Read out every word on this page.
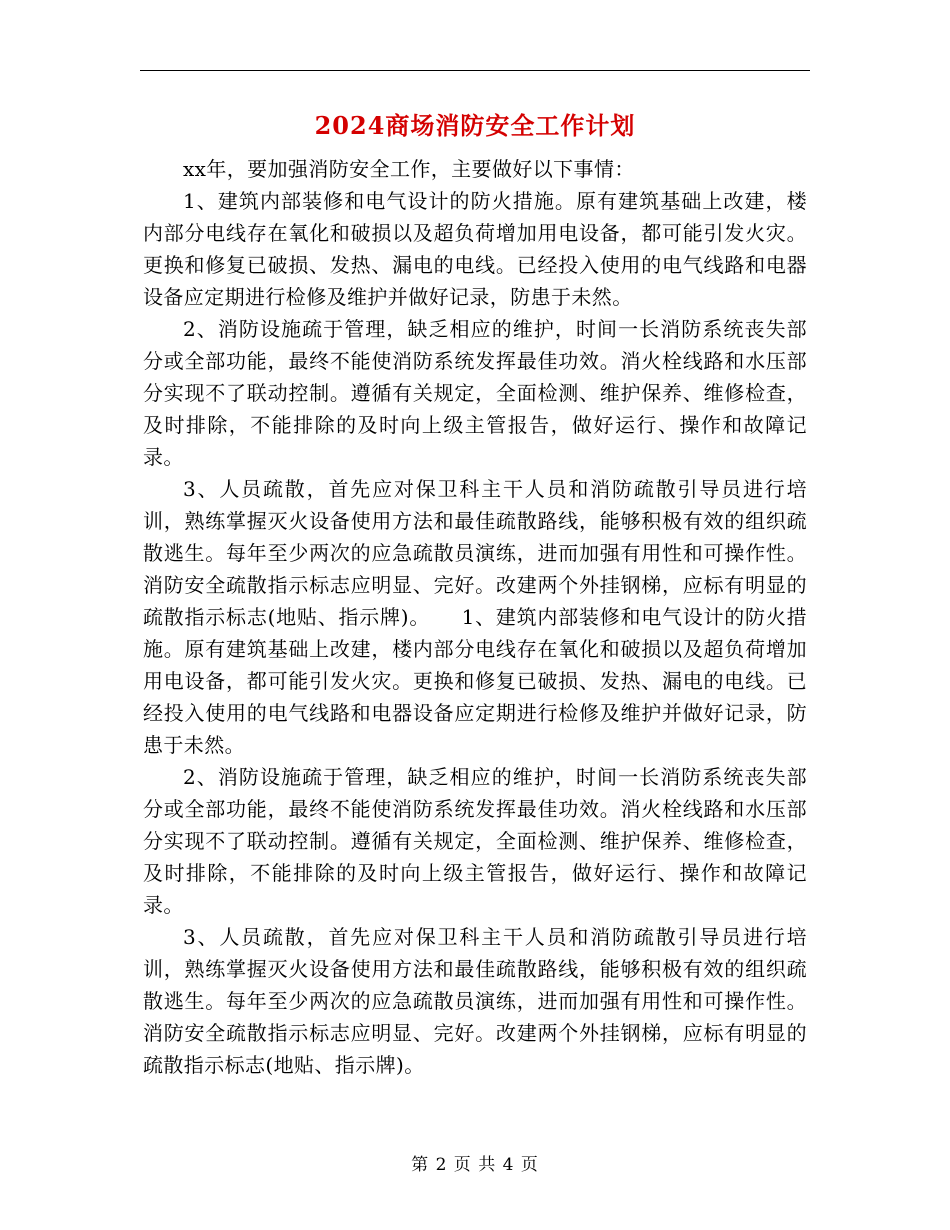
2024商场消防安全工作计划

xx年，要加强消防安全工作，主要做好以下事情：

1、建筑内部装修和电气设计的防火措施。原有建筑基础上改建，楼内部分电线存在氧化和破损以及超负荷增加用电设备，都可能引发火灾。更换和修复已破损、发热、漏电的电线。已经投入使用的电气线路和电器设备应定期进行检修及维护并做好记录，防患于未然。

2、消防设施疏于管理，缺乏相应的维护，时间一长消防系统丧失部分或全部功能，最终不能使消防系统发挥最佳功效。消火栓线路和水压部分实现不了联动控制。遵循有关规定，全面检测、维护保养、维修检查，及时排除，不能排除的及时向上级主管报告，做好运行、操作和故障记录。

3、人员疏散，首先应对保卫科主干人员和消防疏散引导员进行培训，熟练掌握灭火设备使用方法和最佳疏散路线，能够积极有效的组织疏散逃生。每年至少两次的应急疏散员演练，进而加强有用性和可操作性。消防安全疏散指示标志应明显、完好。改建两个外挂钢梯，应标有明显的疏散指示标志(地贴、指示牌)。　　1、建筑内部装修和电气设计的防火措施。原有建筑基础上改建，楼内部分电线存在氧化和破损以及超负荷增加用电设备，都可能引发火灾。更换和修复已破损、发热、漏电的电线。已经投入使用的电气线路和电器设备应定期进行检修及维护并做好记录，防患于未然。

2、消防设施疏于管理，缺乏相应的维护，时间一长消防系统丧失部分或全部功能，最终不能使消防系统发挥最佳功效。消火栓线路和水压部分实现不了联动控制。遵循有关规定，全面检测、维护保养、维修检查，及时排除，不能排除的及时向上级主管报告，做好运行、操作和故障记录。

3、人员疏散，首先应对保卫科主干人员和消防疏散引导员进行培训，熟练掌握灭火设备使用方法和最佳疏散路线，能够积极有效的组织疏散逃生。每年至少两次的应急疏散员演练，进而加强有用性和可操作性。消防安全疏散指示标志应明显、完好。改建两个外挂钢梯，应标有明显的疏散指示标志(地贴、指示牌)。

第 2 页 共 4 页
